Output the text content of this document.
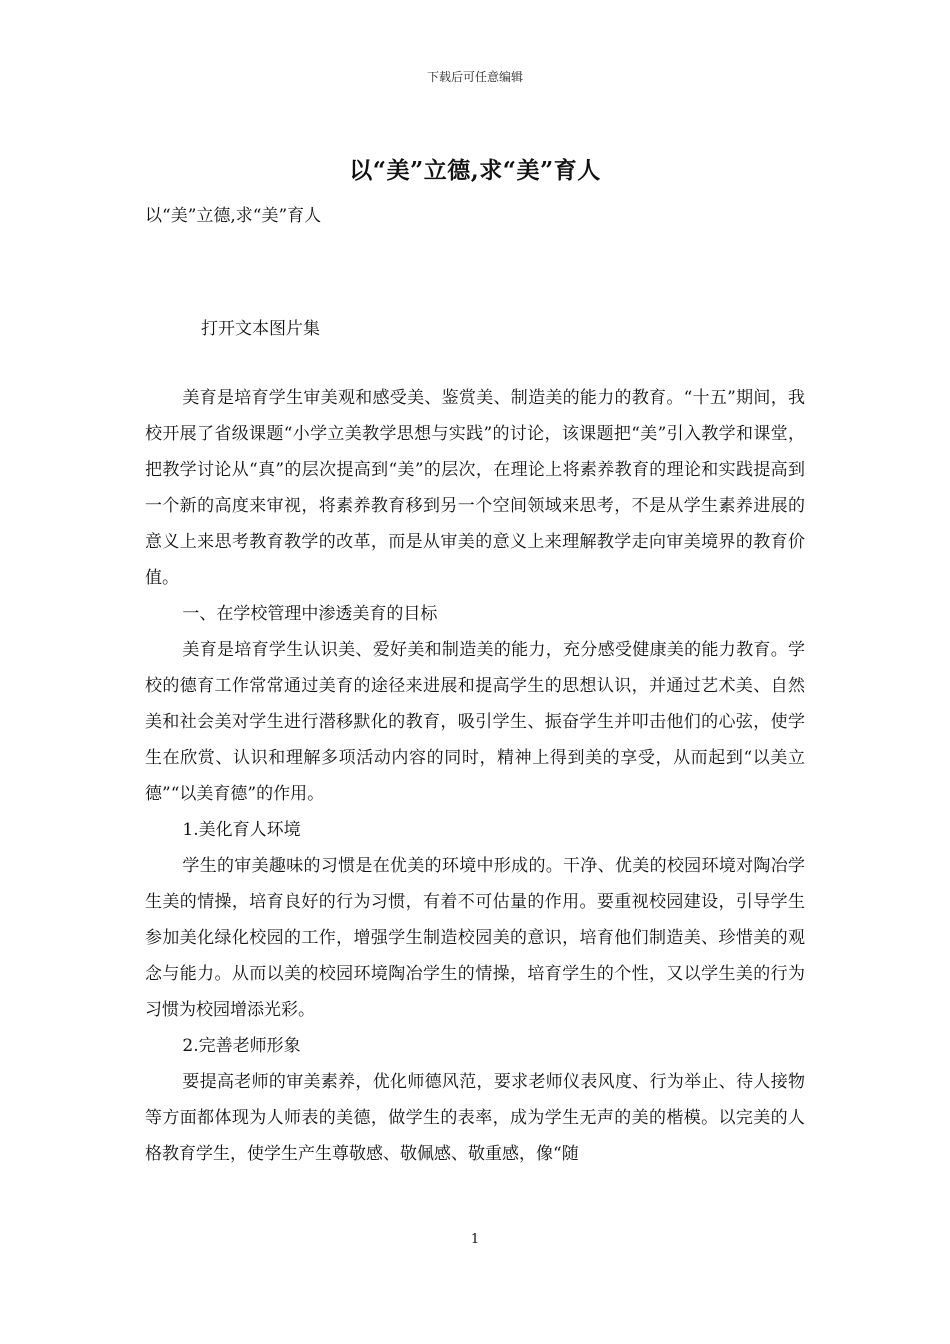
下载后可任意编辑
以“美”立德,求“美”育人
以“美”立德,求“美”育人
打开文本图片集

美育是培育学生审美观和感受美、鉴赏美、制造美的能力的教育。“十五”期间，我校开展了省级课题“小学立美教学思想与实践”的讨论，该课题把“美”引入教学和课堂，把教学讨论从“真”的层次提高到“美”的层次，在理论上将素养教育的理论和实践提高到一个新的高度来审视，将素养教育移到另一个空间领域来思考，不是从学生素养进展的意义上来思考教育教学的改革，而是从审美的意义上来理解教学走向审美境界的教育价值。

一、在学校管理中渗透美育的目标

美育是培育学生认识美、爱好美和制造美的能力，充分感受健康美的能力教育。学校的德育工作常常通过美育的途径来进展和提高学生的思想认识，并通过艺术美、自然美和社会美对学生进行潜移默化的教育，吸引学生、振奋学生并叩击他们的心弦，使学生在欣赏、认识和理解多项活动内容的同时，精神上得到美的享受，从而起到“以美立德”“以美育德”的作用。

1.美化育人环境

学生的审美趣味的习惯是在优美的环境中形成的。干净、优美的校园环境对陶冶学生美的情操，培育良好的行为习惯，有着不可估量的作用。要重视校园建设，引导学生参加美化绿化校园的工作，增强学生制造校园美的意识，培育他们制造美、珍惜美的观念与能力。从而以美的校园环境陶冶学生的情操，培育学生的个性，又以学生美的行为习惯为校园增添光彩。

2.完善老师形象

要提高老师的审美素养，优化师德风范，要求老师仪表风度、行为举止、待人接物等方面都体现为人师表的美德，做学生的表率，成为学生无声的美的楷模。以完美的人格教育学生，使学生产生尊敬感、敬佩感、敬重感，像“随

1
